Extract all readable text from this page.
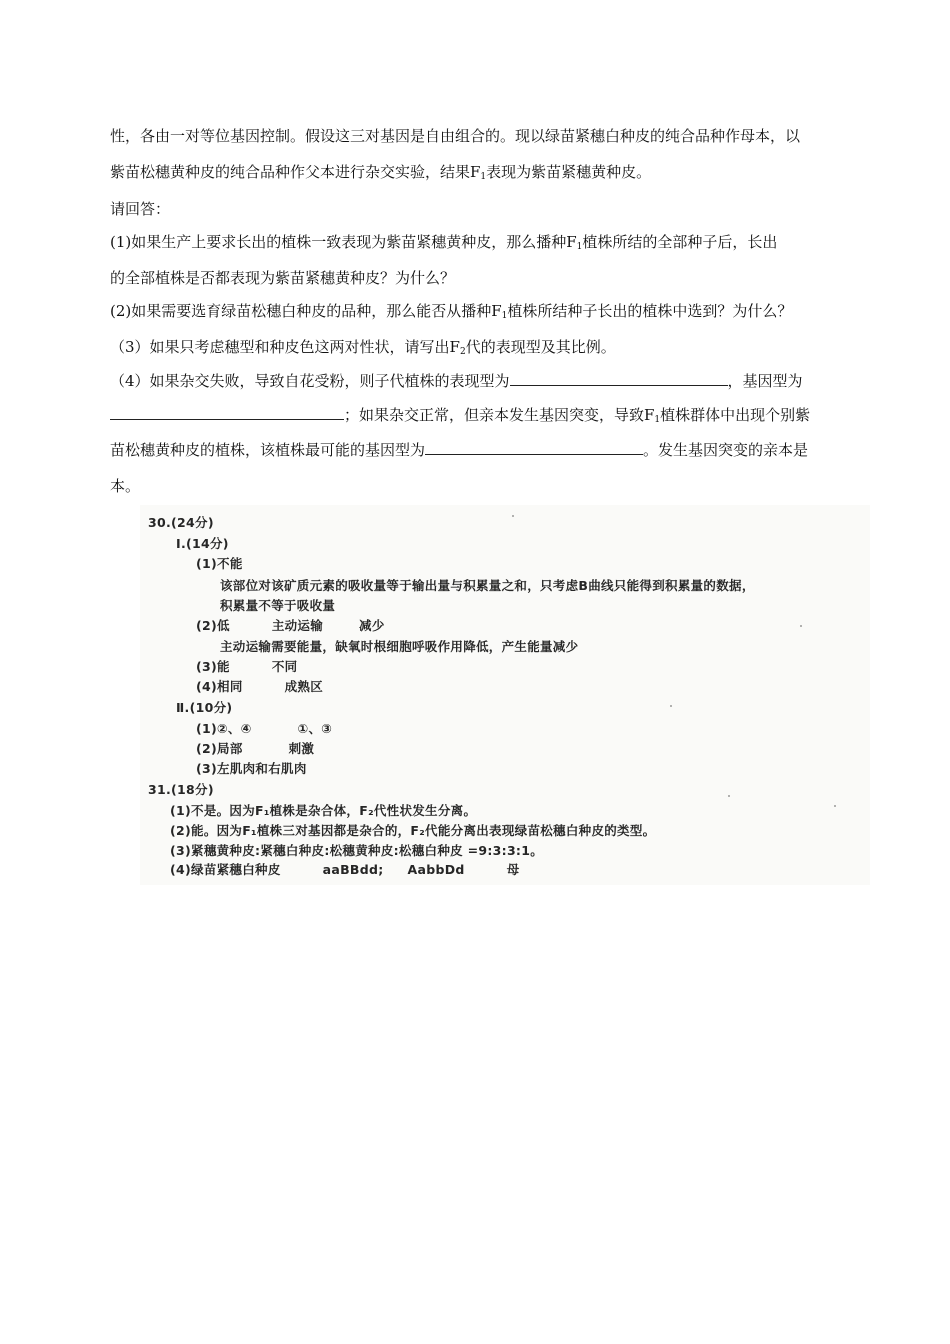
性，各由一对等位基因控制。假设这三对基因是自由组合的。现以绿苗紧穗白种皮的纯合品种作母本，以
紫苗松穗黄种皮的纯合品种作父本进行杂交实验，结果$F_1$表现为紫苗紧穗黄种皮。
请回答：
(1)如果生产上要求长出的植株一致表现为紫苗紧穗黄种皮，那么播种$F_1$植株所结的全部种子后，长出
的全部植株是否都表现为紫苗紧穗黄种皮？为什么？
(2)如果需要选育绿苗松穗白种皮的品种，那么能否从播种$F_1$植株所结种子长出的植株中选到？为什么？
（3）如果只考虑穗型和种皮色这两对性状，请写出$F_2$代的表现型及其比例。
（4）如果杂交失败，导致自花受粉，则子代植株的表现型为	，基因型为
；如果杂交正常，但亲本发生基因突变，导致$F_1$植株群体中出现个别紫
苗松穗黄种皮的植株，该植株最可能的基因型为	。发生基因突变的亲本是
本。
30.(24分)
Ⅰ.(14分)
(1)不能
该部位对该矿质元素的吸收量等于输出量与积累量之和，只考虑B曲线只能得到积累量的数据，
积累量不等于吸收量
(2)低	主动运输	减少
主动运输需要能量，缺氧时根细胞呼吸作用降低，产生能量减少
(3)能	不同
(4)相同	成熟区
Ⅱ.(10分)
(1)②、④	①、③
(2)局部	刺激
(3)左肌肉和右肌肉
31.(18分)
(1)不是。因为F₁植株是杂合体，F₂代性状发生分离。
(2)能。因为F₁植株三对基因都是杂合的，F₂代能分离出表现绿苗松穗白种皮的类型。
(3)紧穗黄种皮:紧穗白种皮:松穗黄种皮:松穗白种皮 =9:3:3:1。
(4)绿苗紧穗白种皮	aaBBdd; AabbDd	母
